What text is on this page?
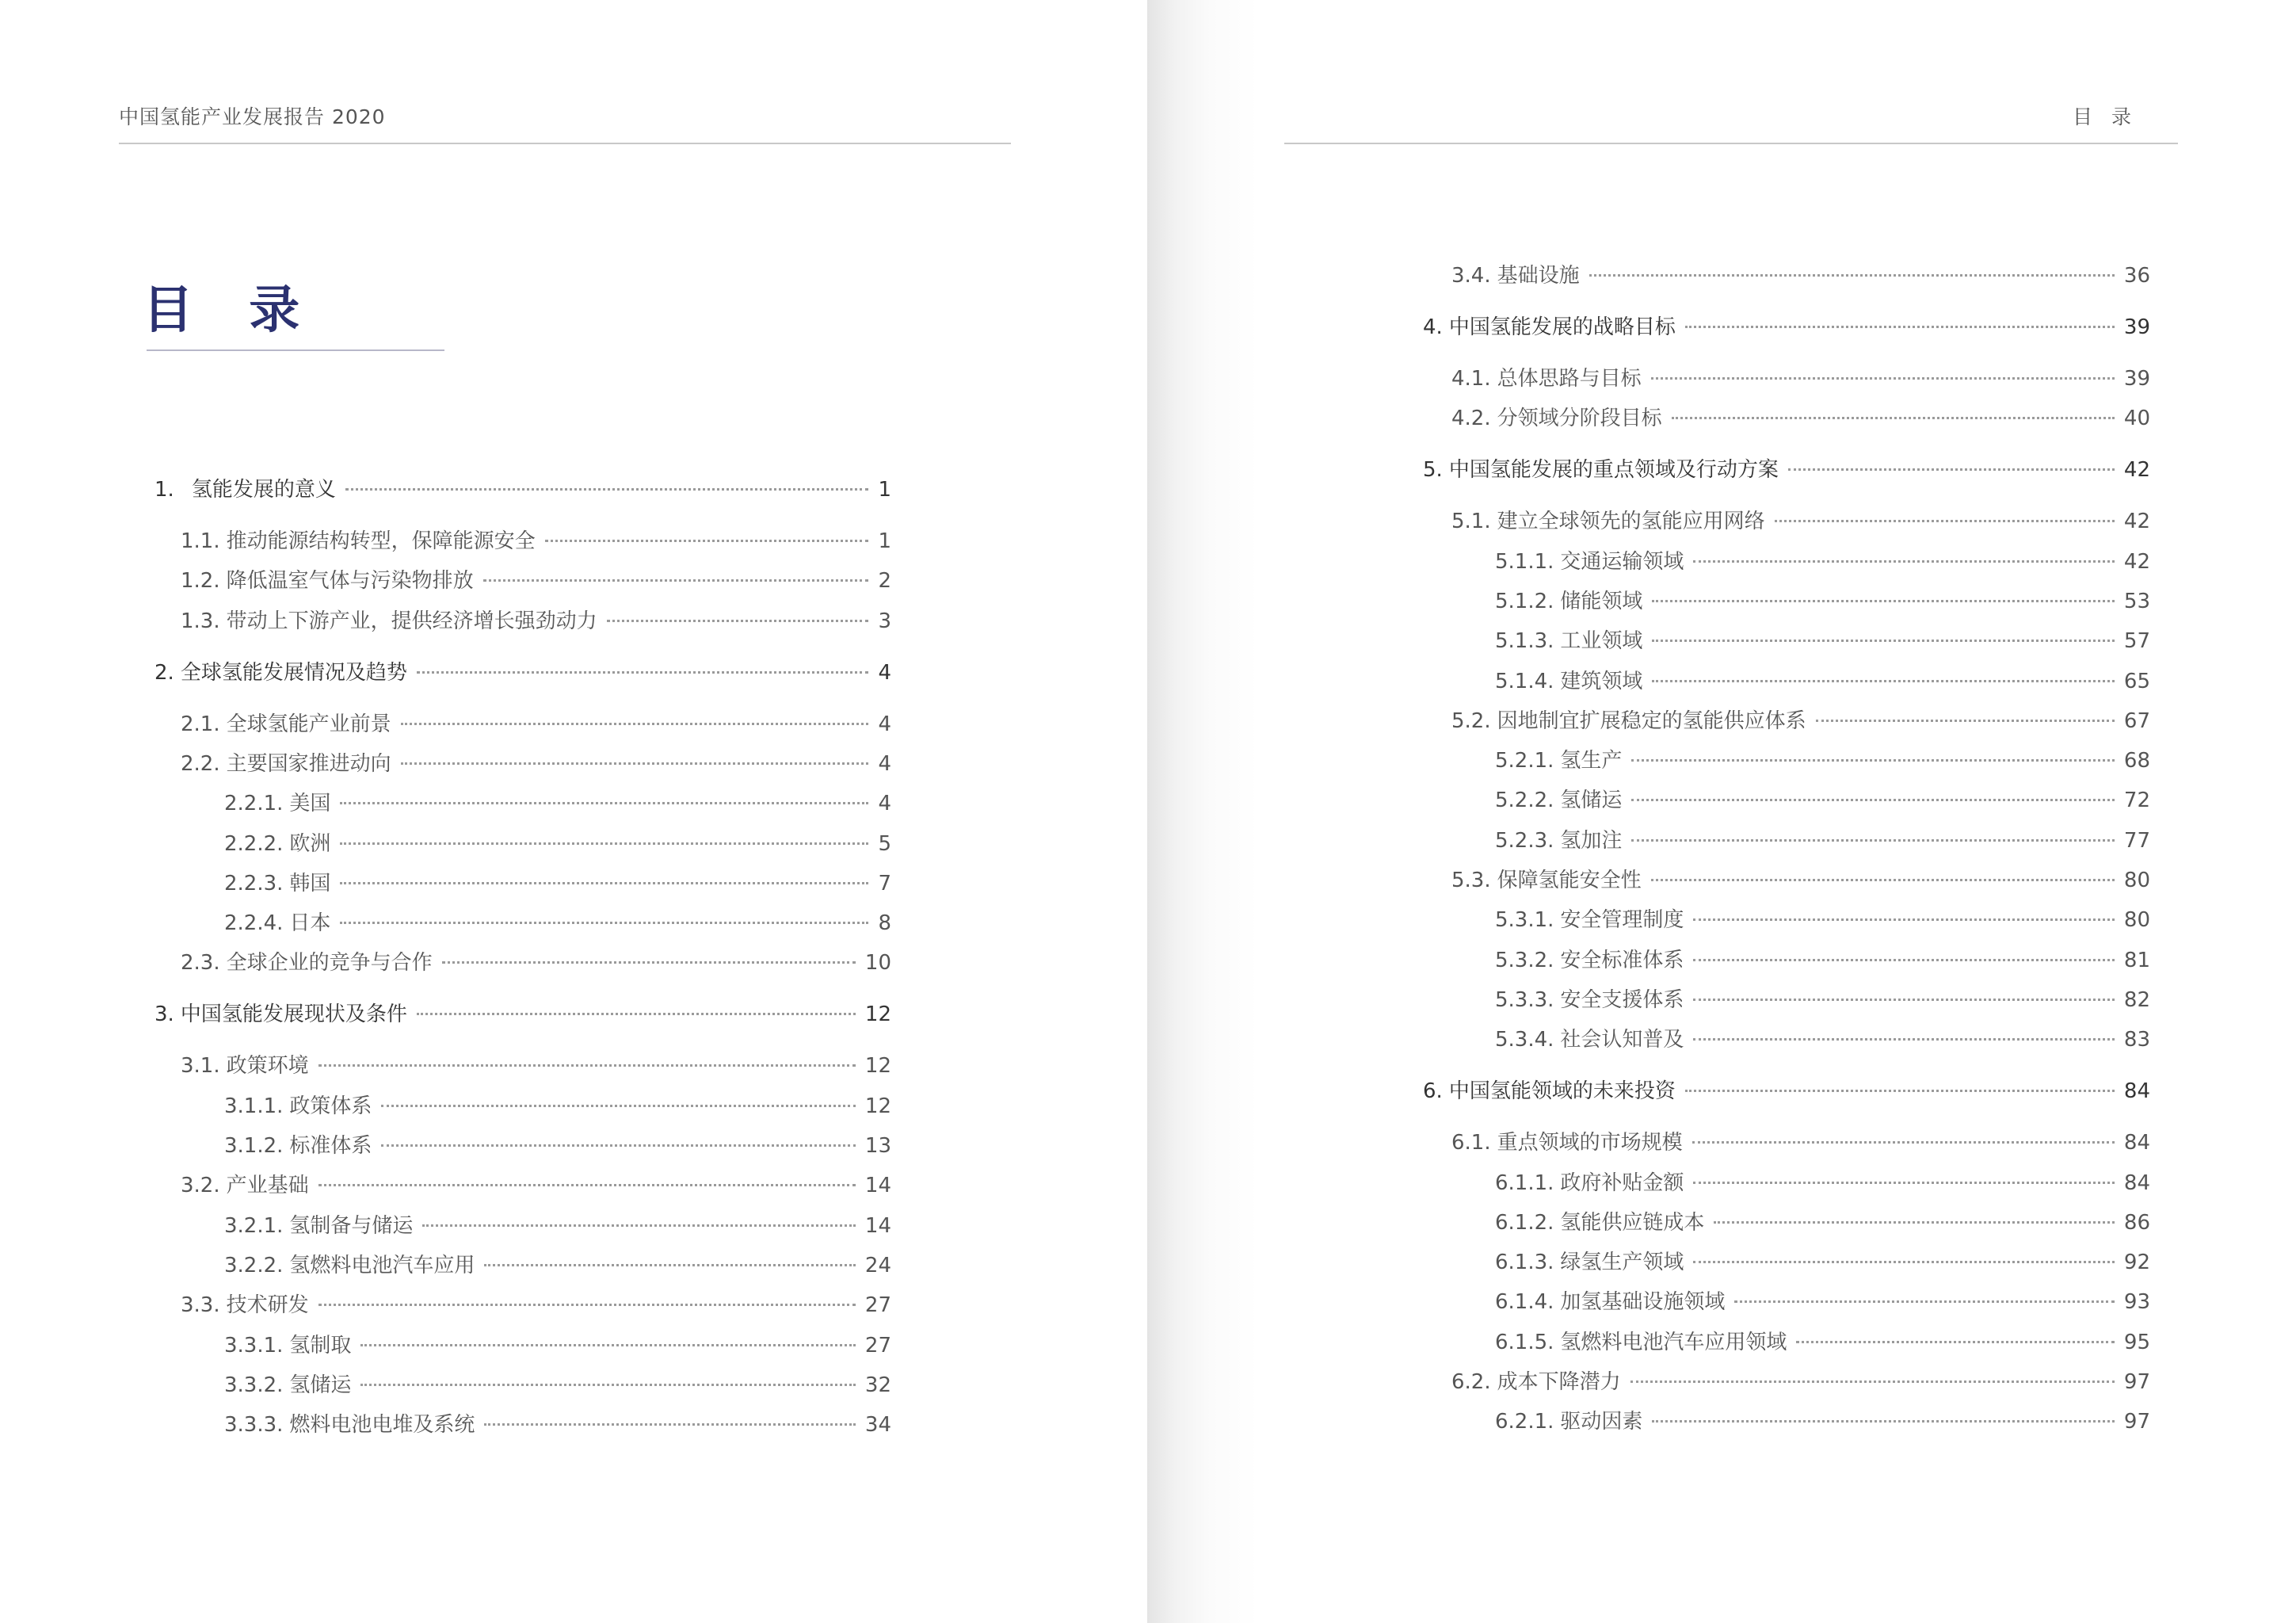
中国氢能产业发展报告 2020
目 录
1. 氢能发展的意义	1
1.1. 推动能源结构转型，保障能源安全	1
1.2. 降低温室气体与污染物排放	2
1.3. 带动上下游产业，提供经济增长强劲动力	3
2. 全球氢能发展情况及趋势	4
2.1. 全球氢能产业前景	4
2.2. 主要国家推进动向	4
2.2.1. 美国	4
2.2.2. 欧洲	5
2.2.3. 韩国	7
2.2.4. 日本	8
2.3. 全球企业的竞争与合作	10
3. 中国氢能发展现状及条件	12
3.1. 政策环境	12
3.1.1. 政策体系	12
3.1.2. 标准体系	13
3.2. 产业基础	14
3.2.1. 氢制备与储运	14
3.2.2. 氢燃料电池汽车应用	24
3.3. 技术研发	27
3.3.1. 氢制取	27
3.3.2. 氢储运	32
3.3.3. 燃料电池电堆及系统	34
目 录
3.4. 基础设施	36
4. 中国氢能发展的战略目标	39
4.1. 总体思路与目标	39
4.2. 分领域分阶段目标	40
5. 中国氢能发展的重点领域及行动方案	42
5.1. 建立全球领先的氢能应用网络	42
5.1.1. 交通运输领域	42
5.1.2. 储能领域	53
5.1.3. 工业领域	57
5.1.4. 建筑领域	65
5.2. 因地制宜扩展稳定的氢能供应体系	67
5.2.1. 氢生产	68
5.2.2. 氢储运	72
5.2.3. 氢加注	77
5.3. 保障氢能安全性	80
5.3.1. 安全管理制度	80
5.3.2. 安全标准体系	81
5.3.3. 安全支援体系	82
5.3.4. 社会认知普及	83
6. 中国氢能领域的未来投资	84
6.1. 重点领域的市场规模	84
6.1.1. 政府补贴金额	84
6.1.2. 氢能供应链成本	86
6.1.3. 绿氢生产领域	92
6.1.4. 加氢基础设施领域	93
6.1.5. 氢燃料电池汽车应用领域	95
6.2. 成本下降潜力	97
6.2.1. 驱动因素	97
